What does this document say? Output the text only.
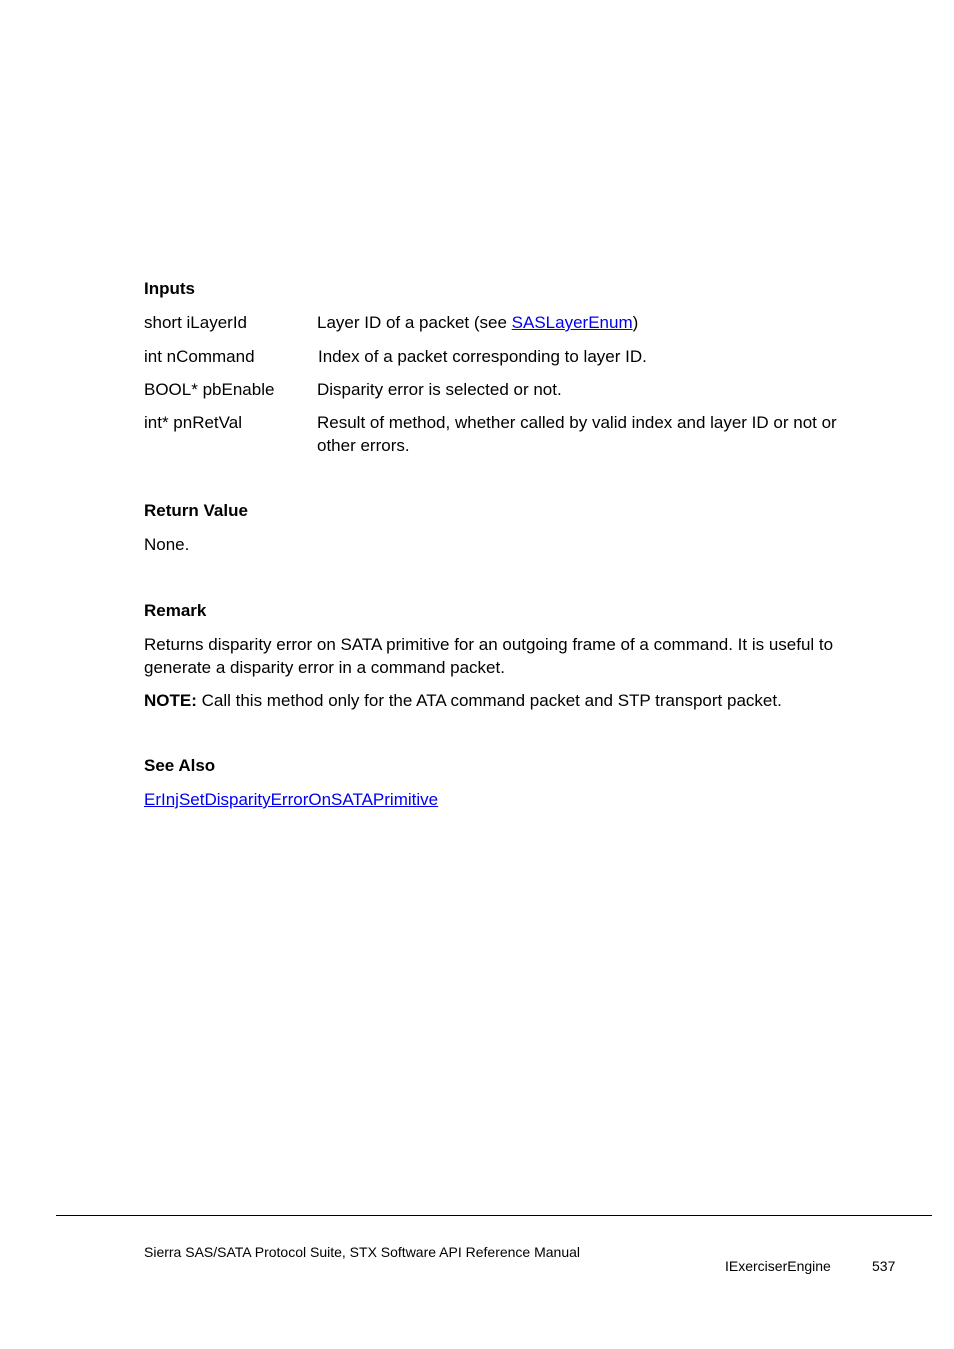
Inputs
short iLayerId	Layer ID of a packet (see SASLayerEnum)
int nCommand	Index of a packet corresponding to layer ID.
BOOL* pbEnable	Disparity error is selected or not.
int* pnRetVal	Result of method, whether called by valid index and layer ID or not or other errors.
Return Value
None.
Remark
Returns disparity error on SATA primitive for an outgoing frame of a command. It is useful to generate a disparity error in a command packet.
NOTE: Call this method only for the ATA command packet and STP transport packet.
See Also
ErInjSetDisparityErrorOnSATAPrimitive
Sierra SAS/SATA Protocol Suite, STX Software API Reference Manual
IExerciserEngine	537
